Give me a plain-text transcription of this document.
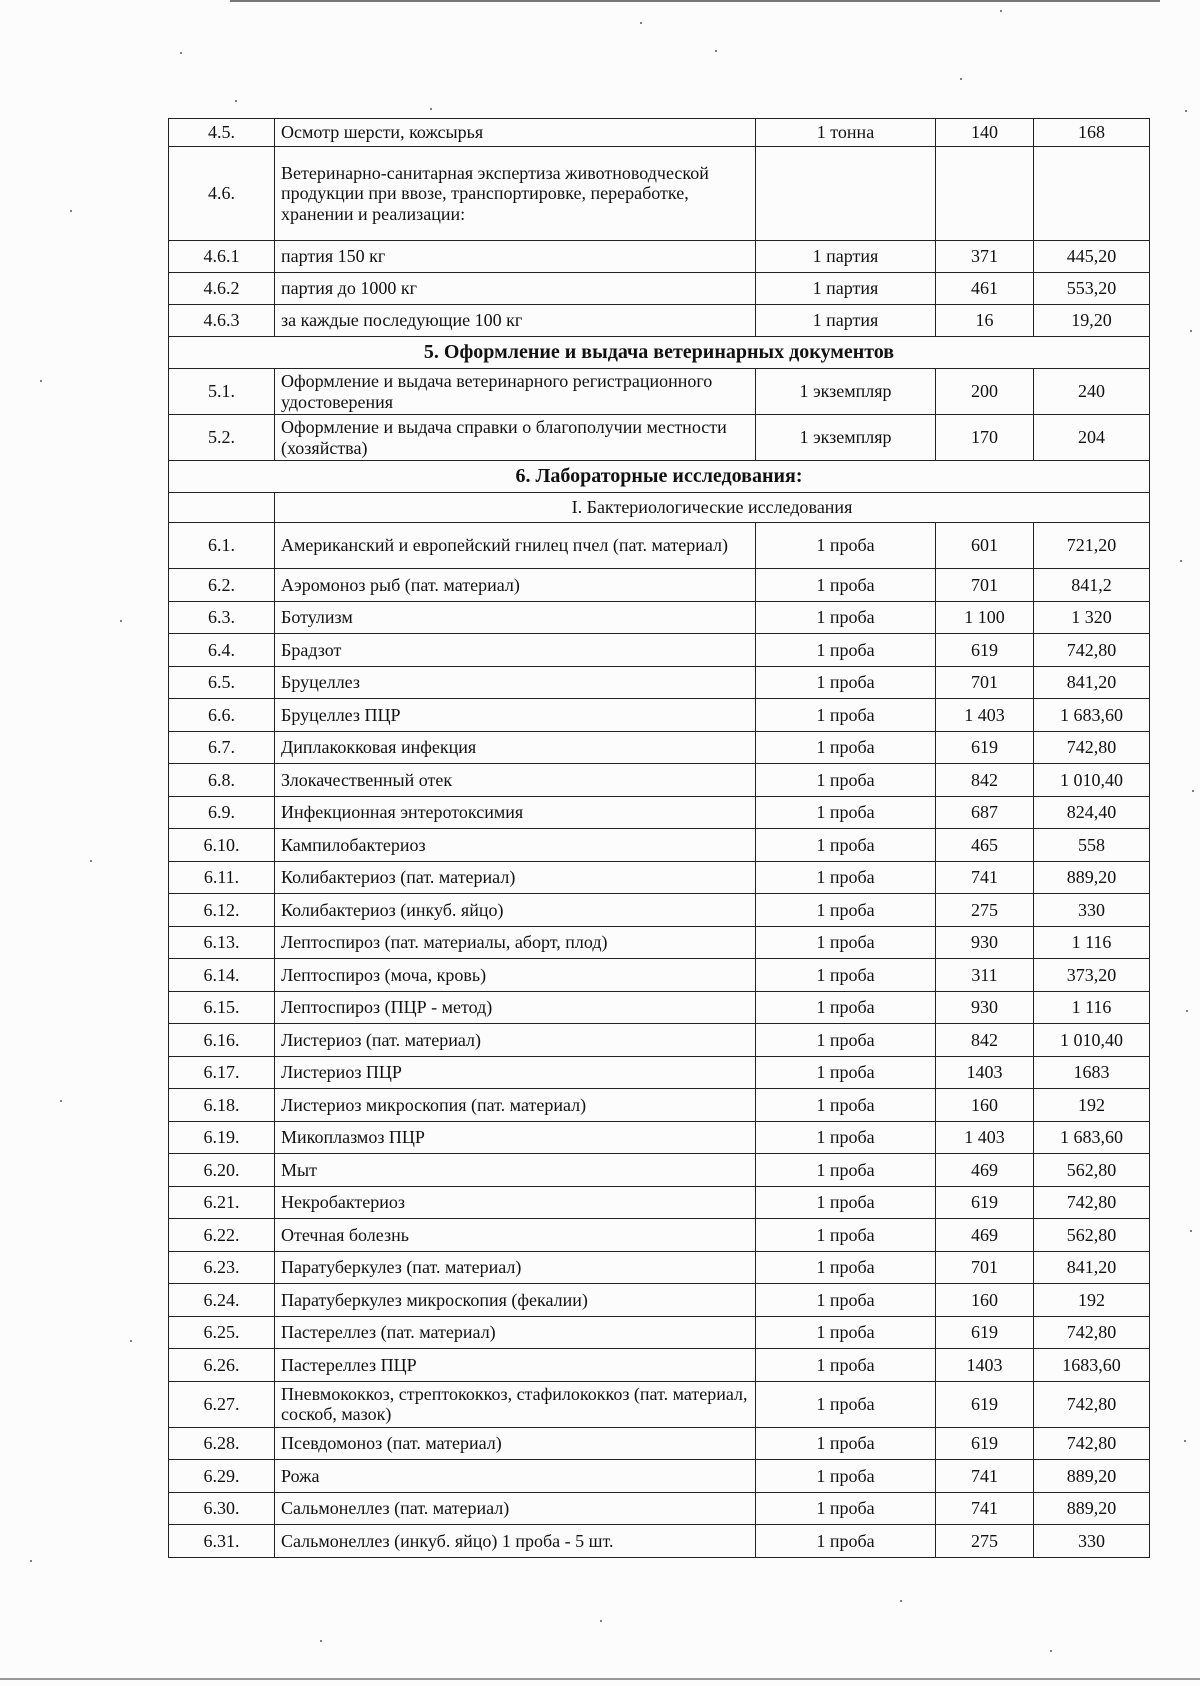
4.5.	Осмотр шерсти, кожсырья	1 тонна	140	168
4.6.	Ветеринарно-санитарная экспертиза животноводческой продукции при ввозе, транспортировке, переработке, хранении и реализации:			
4.6.1	партия 150 кг	1 партия	371	445,20
4.6.2	партия до 1000 кг	1 партия	461	553,20
4.6.3	за каждые последующие 100 кг	1 партия	16	19,20
5. Оформление и выдача ветеринарных документов				
5.1.	Оформление и выдача ветеринарного регистрационного удостоверения	1 экземпляр	200	240
5.2.	Оформление и выдача справки о благополучии местности (хозяйства)	1 экземпляр	170	204
6. Лабораторные исследования:				
	I. Бактериологические исследования			
6.1.	Американский и европейский гнилец пчел (пат. материал)	1 проба	601	721,20
6.2.	Аэромоноз рыб (пат. материал)	1 проба	701	841,2
6.3.	Ботулизм	1 проба	1 100	1 320
6.4.	Брадзот	1 проба	619	742,80
6.5.	Бруцеллез	1 проба	701	841,20
6.6.	Бруцеллез ПЦР	1 проба	1 403	1 683,60
6.7.	Диплакокковая инфекция	1 проба	619	742,80
6.8.	Злокачественный отек	1 проба	842	1 010,40
6.9.	Инфекционная энтеротоксимия	1 проба	687	824,40
6.10.	Кампилобактериоз	1 проба	465	558
6.11.	Колибактериоз (пат. материал)	1 проба	741	889,20
6.12.	Колибактериоз (инкуб. яйцо)	1 проба	275	330
6.13.	Лептоспироз (пат. материалы, аборт, плод)	1 проба	930	1 116
6.14.	Лептоспироз (моча, кровь)	1 проба	311	373,20
6.15.	Лептоспироз (ПЦР - метод)	1 проба	930	1 116
6.16.	Листериоз (пат. материал)	1 проба	842	1 010,40
6.17.	Листериоз ПЦР	1 проба	1403	1683
6.18.	Листериоз микроскопия (пат. материал)	1 проба	160	192
6.19.	Микоплазмоз ПЦР	1 проба	1 403	1 683,60
6.20.	Мыт	1 проба	469	562,80
6.21.	Некробактериоз	1 проба	619	742,80
6.22.	Отечная болезнь	1 проба	469	562,80
6.23.	Паратуберкулез (пат. материал)	1 проба	701	841,20
6.24.	Паратуберкулез микроскопия (фекалии)	1 проба	160	192
6.25.	Пастереллез (пат. материал)	1 проба	619	742,80
6.26.	Пастереллез ПЦР	1 проба	1403	1683,60
6.27.	Пневмококкоз, стрептококкоз, стафилококкоз (пат. материал, соскоб, мазок)	1 проба	619	742,80
6.28.	Псевдомоноз (пат. материал)	1 проба	619	742,80
6.29.	Рожа	1 проба	741	889,20
6.30.	Сальмонеллез (пат. материал)	1 проба	741	889,20
6.31.	Сальмонеллез (инкуб. яйцо) 1 проба - 5 шт.	1 проба	275	330
